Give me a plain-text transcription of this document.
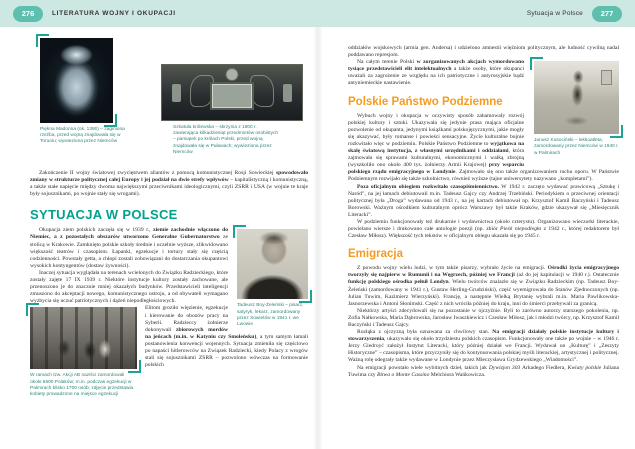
276	LITERATURA WOJNY I OKUPACJI	Sytuacja w Polsce	277
Piękna Madonna (ok. 1390) – zaginiona rzeźba, przed wojną znajdowała się w Toruniu; wywieziona przez Niemców
Szkatuła królewska – skrzynia z 1800 r. zawierająca kilkadziesiąt przedmiotów osobistych – pamiątek po królach Polski, przed wojną znajdowała się w Puławach; wywieziona przez Niemców

Zakończenie II wojny światowej zwycięstwem aliantów z pomocą komunistycznej Rosji Sowieckiej spowodowało zmiany w strukturze politycznej całej Europy i jej podział na dwie strefy wpływów – kapitalistyczną i komunistyczną, a także stałe napięcie między dwoma największymi przeciwnikami ideologicznymi, czyli ZSRR i USA (w wojnie te kraje były sojusznikami, po wojnie stały się wrogami).

SYTUACJA W POLSCE
Tadeusz Boy-Żeleński – pisarz, satyryk, lekarz, zamordowany przez Sowietów w 1941 r. we Lwowie

Okupacja ziem polskich zaczęła się w 1939 r., ziemie zachodnie włączono do Niemiec, a z pozostałych obszarów utworzono Generalne Gubernatorstwo ze stolicą w Krakowie. Zamknięto polskie szkoły średnie i uczelnie wyższe, zlikwidowano większość teatrów i czasopism. Łapanki, egzekucje i tortury stały się częścią codzienności. Powstały getta, a chłopi zostali zobowiązani do dostarczania okupantowi wysokich kontyngentów (dostaw żywności).

Inaczej sytuacja wyglądała na terenach wcielonych do Związku Radzieckiego, które zostały zajęte 17 IX 1939 r. Niektóre instytucje kultury zostały zachowane, ale przenoszono je do znacznie mniej okazałych budynków. Przedstawicieli inteligencji zmuszono do akceptacji nowego, komunistycznego ustroju, a od obywateli wymagano wyzbycia się uczuć patriotycznych i dążeń niepodległościowych.

W ramach tzw. Akcji AB naziści zamordowali około 6500 Polaków; m.in. podczas egzekucji w Palmirach blisko 1700 osób; zdjęcie przedstawia kobiety prowadzone na miejsce egzekucji

Elitom groziło więzienie, egzekucje i kierowanie do obozów pracy na Syberii. Radzieccy żołnierze dokonywali zbiorowych mordów na jeńcach (m.in. w Katyniu czy Smoleńsku), a tym samym łamali postanowienia konwencji wojennych. Sytuacja zmieniła się częściowo po napaści hitlerowców na Związek Radziecki, kiedy Polacy z wrogów stali się sojusznikami ZSRR – pozwolono wówczas na formowanie polskich

oddziałów wojskowych (armia gen. Andersa) i udzielono amnestii więźniom politycznym, ale ludność cywilną nadal poddawano represjom.

Janusz Kusociński – lekkoatleta, zamordowany przez Niemców w 1940 r. w Palmirach

Na całym terenie Polski w zorganizowanych akcjach wymordowano tysiące przedstawicieli elit intelektualnych a także osoby, które okupanci uważali za zagrożenie ze względu na ich patriotyczne i antyrosyjskie bądź antyniemieckie nastawienie.

Polskie Państwo Podziemne

Wybuch wojny i okupacja w oczywisty sposób zahamowały rozwój polskiej kultury i sztuki. Ukazywała się jedynie prasa mająca oficjalne pozwolenie od okupanta, jedynymi książkami polskojęzycznymi, jakie mogły się ukazywać, były romanse i powieści sensacyjne. Życie kulturalne bujnie rozkwitało więc w podziemiu. Polskie Państwo Podziemne to wyjątkowa na skalę światową instytucja, z własnymi urzędnikami i oddziałami, która zajmowała się sprawami kulturalnymi, ekonomicznymi i walką zbrojną (wyszkoliło ono około 400 tys. żołnierzy Armii Krajowej) przy wsparciu polskiego rządu emigracyjnego w Londynie. Zajmowało się ono także organizowaniem ruchu oporu. W Państwie Podziemnym rozwijało się także szkolnictwo, również wyższe (tajne uniwersytety nazywano „kompletami”).

Poza oficjalnym obiegiem rozkwitało czasopiśmiennictwo. W 1942 r. zaczęto wydawać prawicową „Sztukę i Naród”, na jej łamach debiutowali m.in. Tadeusz Gajcy czy Andrzej Trzebiński. Periodykiem o przeciwnej orientacji politycznej była „Droga” wydawana od 1943 r., na jej kartach debiutował np. Krzysztof Kamil Baczyński i Tadeusz Borowski. Ważnym ośrodkiem kulturalnym oprócz Warszawy był także Kraków, gdzie ukazywał się „Miesięcznik Literacki”.

W podziemiu funkcjonowały też drukarnie i wydawnictwa (około czterystu). Organizowano wieczorki literackie, powielano wiersze i drukowano całe antologie poezji (np. zbiór Pieśń niepodległa z 1942 r., której redaktorem był Czesław Miłosz). Większość tych tekstów w oficjalnym obiegu ukazała się po 1945 r.

Emigracja

Z powodu wojny wielu ludzi, w tym także pisarzy, wybrało życie na emigracji. Ośrodki życia emigracyjnego tworzyły się najpierw w Rumunii i na Węgrzech, później we Francji (aż do jej kapitulacji w 1940 r.). Ostatecznie funkcję polskiego ośrodka pełnił Londyn. Wielu twórców znalazło się w Związku Radzieckim (np. Tadeusz Boy-Żeleński (zamordowany w 1941 r.), Gustaw Herling-Grudziński), część wyemigrowała do Stanów Zjednoczonych (np. Julian Tuwim, Kazimierz Wierzyński). Francję, a następnie Wielką Brytanię wybrali m.in. Maria Pawlikowska-Jasnorzewska i Antoni Słonimski. Część z nich wróciła później do kraju, inni do śmierci przebywali za granicą.

Niektórzy artyści zdecydowali się na pozostanie w ojczyźnie. Byli to zarówno autorzy starszego pokolenia, np. Zofia Nałkowska, Maria Dąbrowska, Jarosław Iwaszkiewicz i Czesław Miłosz, jak i młodzi twórcy, np. Krzysztof Kamil Baczyński i Tadeusz Gajcy.

Rozłąka z ojczyzną była uznawana za chwilowy stan. Na emigracji działały polskie instytucje kultury i stowarzyszenia, ukazywało się około trzydziestu polskich czasopism. Funkcjonowały one także po wojnie – w 1946 r. Jerzy Giedroyć założył Instytut Literacki, który później działał we Francji. Wydawał on „Kulturę” i „Zeszyty Historyczne” – czasopisma, które przyczyniły się do kontynuowania polskiej myśli literackiej, artystycznej i politycznej. Ważną rolę odegrały także wydawane w Londynie przez Mieczysława Grydzewskiego „Wiadomości”.

Na emigracji powstało wiele wybitnych dzieł, takich jak Dywizjon 303 Arkadego Fiedlera, Kwiaty polskie Juliana Tuwima czy Bitwa o Monte Cassino Melchiora Wańkowicza.
